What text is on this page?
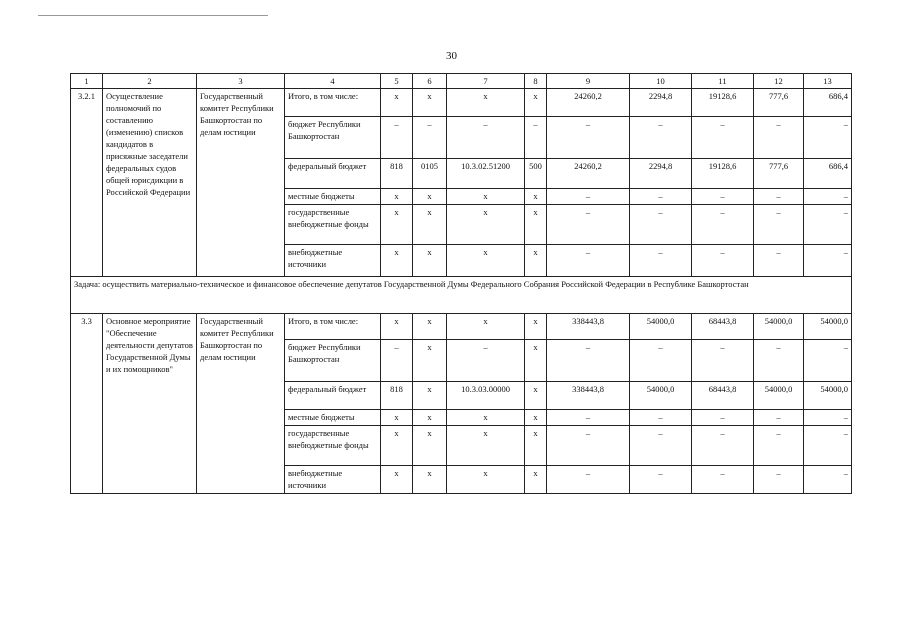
30
1	2	3	4	5	6	7	8	9	10	11	12	13
3.2.1	Осуществление полномочий по составлению (изменению) списков кандидатов в присяжные заседатели федеральных судов общей юрисдикции в Российской Федерации	Государственный комитет Республики Башкортостан по делам юстиции	Итого, в том числе:	х	х	х	х	24260,2	2294,8	19128,6	777,6	686,4
			бюджет Республики Башкортостан	–	–	–	–	–	–	–	–	–
			федеральный бюджет	818	0105	10.3.02.51200	500	24260,2	2294,8	19128,6	777,6	686,4
			местные бюджеты	х	х	х	х	–	–	–	–	–
			государственные внебюджетные фонды	х	х	х	х	–	–	–	–	–
			внебюджетные источники	х	х	х	х	–	–	–	–	–
Задача: осуществить материально-техническое и финансовое обеспечение депутатов Государственной Думы Федерального Собрания Российской Федерации в Республике Башкортостан												
3.3	Основное мероприятие "Обеспечение деятельности депутатов Государственной Думы и их помощников"	Государственный комитет Республики Башкортостан по делам юстиции	Итого, в том числе:	х	х	х	х	338443,8	54000,0	68443,8	54000,0	54000,0
			бюджет Республики Башкортостан	–	х	–	х	–	–	–	–	–
			федеральный бюджет	818	х	10.3.03.00000	х	338443,8	54000,0	68443,8	54000,0	54000,0
			местные бюджеты	х	х	х	х	–	–	–	–	–
			государственные внебюджетные фонды	х	х	х	х	–	–	–	–	–
			внебюджетные источники	х	х	х	х	–	–	–	–	–
